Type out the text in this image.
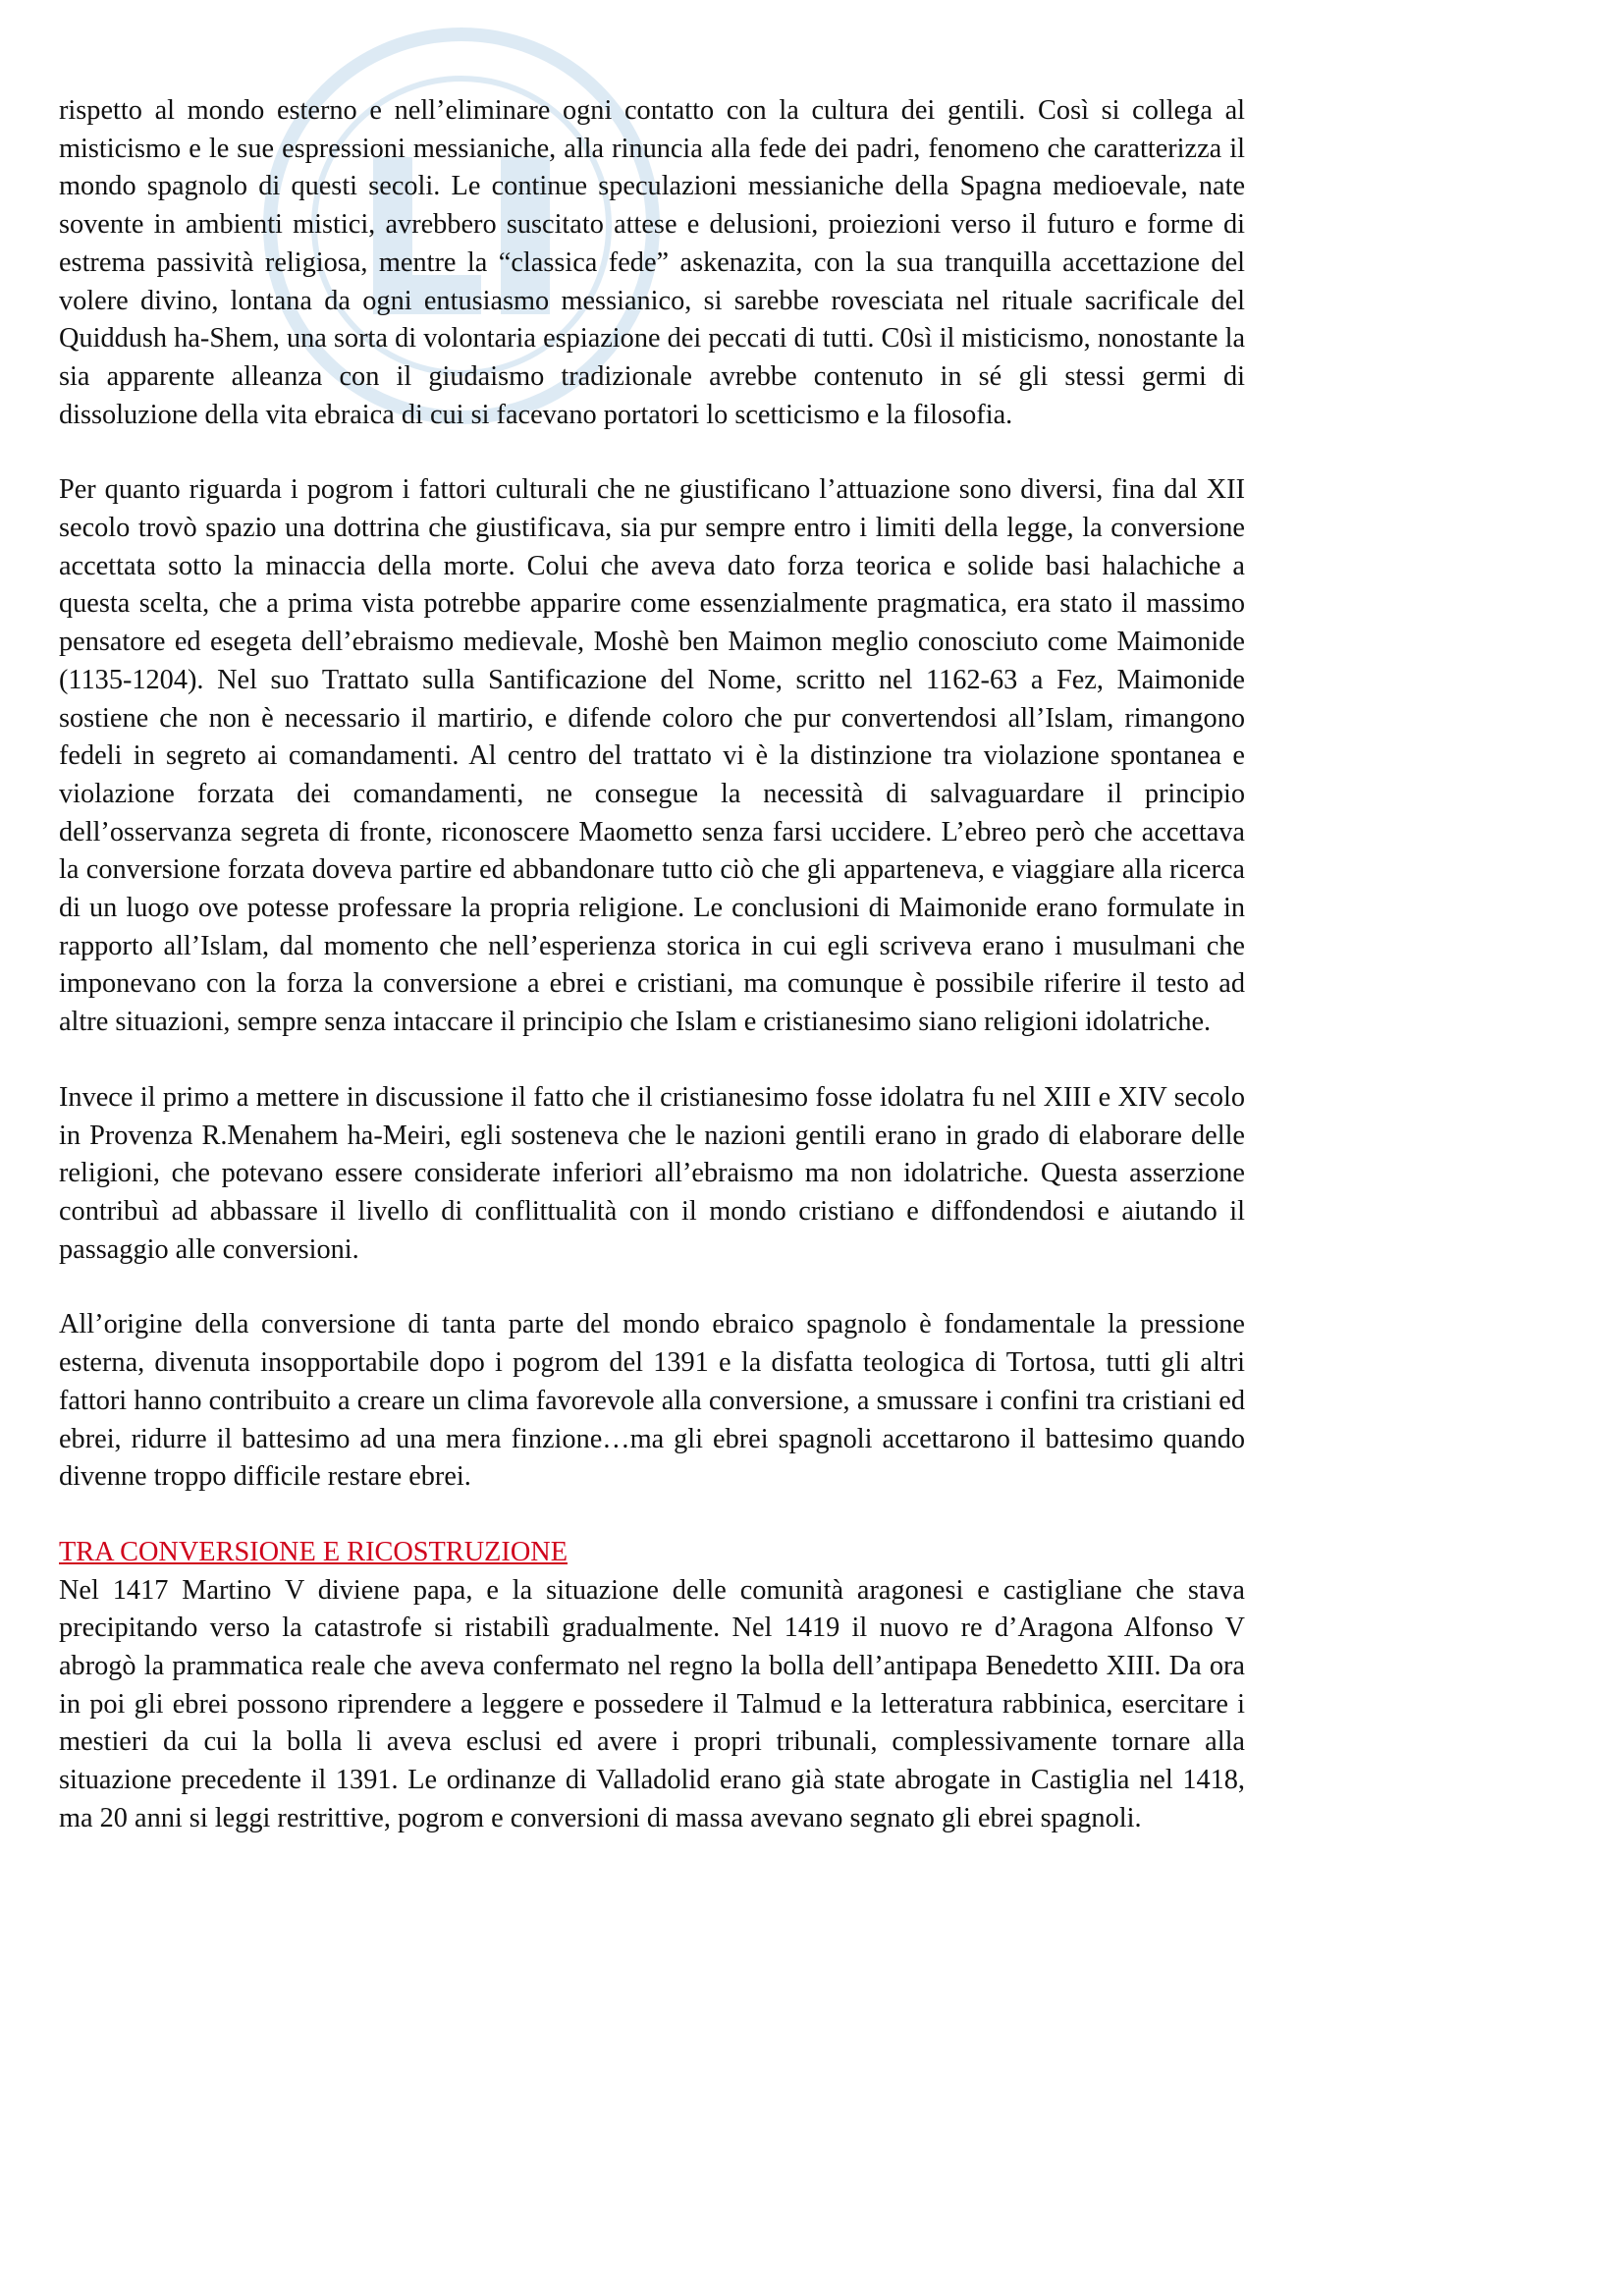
rispetto al mondo esterno e nell’eliminare ogni contatto con la cultura dei gentili. Così si collega al misticismo e le sue espressioni messianiche, alla rinuncia alla fede dei padri, fenomeno che caratterizza il mondo spagnolo di questi secoli. Le continue speculazioni messianiche della Spagna medioevale, nate sovente in ambienti mistici, avrebbero suscitato attese e delusioni, proiezioni verso il futuro e forme di estrema passività religiosa, mentre la “classica fede” askenazita, con la sua tranquilla accettazione del volere divino, lontana da ogni entusiasmo messianico, si sarebbe rovesciata nel rituale sacrificale del Quiddush ha-Shem, una sorta di volontaria espiazione dei peccati di tutti. C0sì il misticismo, nonostante la sia apparente alleanza con il giudaismo tradizionale avrebbe contenuto in sé gli stessi germi di dissoluzione della vita ebraica di cui si facevano portatori lo scetticismo e la filosofia.

Per quanto riguarda i pogrom i fattori culturali che ne giustificano l’attuazione sono diversi, fina dal XII secolo trovò spazio una dottrina che giustificava, sia pur sempre entro i limiti della legge, la conversione accettata sotto la minaccia della morte. Colui che aveva dato forza teorica e solide basi halachiche a questa scelta, che a prima vista potrebbe apparire come essenzialmente pragmatica, era stato il massimo pensatore ed esegeta dell’ebraismo medievale, Moshè ben Maimon meglio conosciuto come Maimonide (1135-1204). Nel suo Trattato sulla Santificazione del Nome, scritto nel 1162-63 a Fez, Maimonide sostiene che non è necessario il martirio, e difende coloro che pur convertendosi all’Islam, rimangono fedeli in segreto ai comandamenti. Al centro del trattato vi è la distinzione tra violazione spontanea e violazione forzata dei comandamenti, ne consegue la necessità di salvaguardare il principio dell’osservanza segreta di fronte, riconoscere Maometto senza farsi uccidere. L’ebreo però che accettava la conversione forzata doveva partire ed abbandonare tutto ciò che gli apparteneva, e viaggiare alla ricerca di un luogo ove potesse professare la propria religione. Le conclusioni di Maimonide erano formulate in rapporto all’Islam, dal momento che nell’esperienza storica in cui egli scriveva erano i musulmani che imponevano con la forza la conversione a ebrei e cristiani, ma comunque è possibile riferire il testo ad altre situazioni, sempre senza intaccare il principio che Islam e cristianesimo siano religioni idolatriche.

Invece il primo a mettere in discussione il fatto che il cristianesimo fosse idolatra fu nel XIII e XIV secolo in Provenza R.Menahem ha-Meiri, egli sosteneva che le nazioni gentili erano in grado di elaborare delle religioni, che potevano essere considerate inferiori all’ebraismo ma non idolatriche. Questa asserzione contribuì ad abbassare il livello di conflittualità con il mondo cristiano e diffondendosi e aiutando il passaggio alle conversioni.

All’origine della conversione di tanta parte del mondo ebraico spagnolo è fondamentale la pressione esterna, divenuta insopportabile dopo i pogrom del 1391 e la disfatta teologica di Tortosa, tutti gli altri fattori hanno contribuito a creare un clima favorevole alla conversione, a smussare i confini tra cristiani ed ebrei, ridurre il battesimo ad una mera finzione…ma gli ebrei spagnoli accettarono il battesimo quando divenne troppo difficile restare ebrei.

TRA CONVERSIONE E RICOSTRUZIONE

Nel 1417 Martino V diviene papa, e la situazione delle comunità aragonesi e castigliane che stava precipitando verso la catastrofe si ristabilì gradualmente. Nel 1419 il nuovo re d’Aragona Alfonso V abrogò la prammatica reale che aveva confermato nel regno la bolla dell’antipapa Benedetto XIII. Da ora in poi gli ebrei possono riprendere a leggere e possedere il Talmud e la letteratura rabbinica, esercitare i mestieri da cui la bolla li aveva esclusi ed avere i propri tribunali, complessivamente tornare alla situazione precedente il 1391. Le ordinanze di Valladolid erano già state abrogate in Castiglia nel 1418, ma 20 anni si leggi restrittive, pogrom e conversioni di massa avevano segnato gli ebrei spagnoli.
